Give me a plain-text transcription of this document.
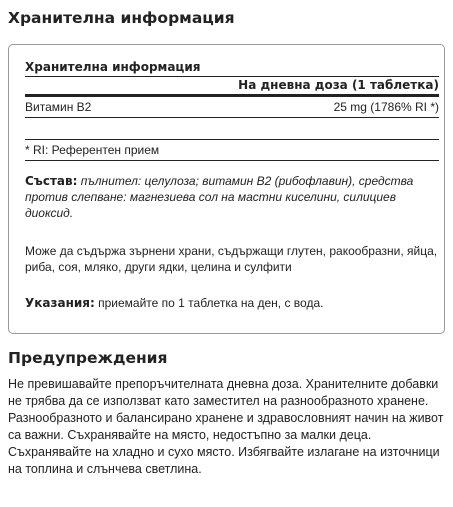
Хранителна информация
Хранителна информация
На дневна доза (1 таблетка)
Витамин B2	25 mg (1786% RI *)
* RI: Референтен прием

Състав: пълнител: целулоза; витамин B2 (рибофлавин), средства против слепване: магнезиева сол на мастни киселини, силициев диоксид.

Може да съдържа зърнени храни, съдържащи глутен, ракообразни, яйца, риба, соя, мляко, други ядки, целина и сулфити

Указания: приемайте по 1 таблетка на ден, с вода.

Предупреждения

Не превишавайте препоръчителната дневна доза. Хранителните добавки не трябва да се използват като заместител на разнообразното хранене. Разнообразното и балансирано хранене и здравословният начин на живот са важни. Съхранявайте на място, недостъпно за малки деца. Съхранявайте на хладно и сухо място. Избягвайте излагане на източници на топлина и слънчева светлина.
